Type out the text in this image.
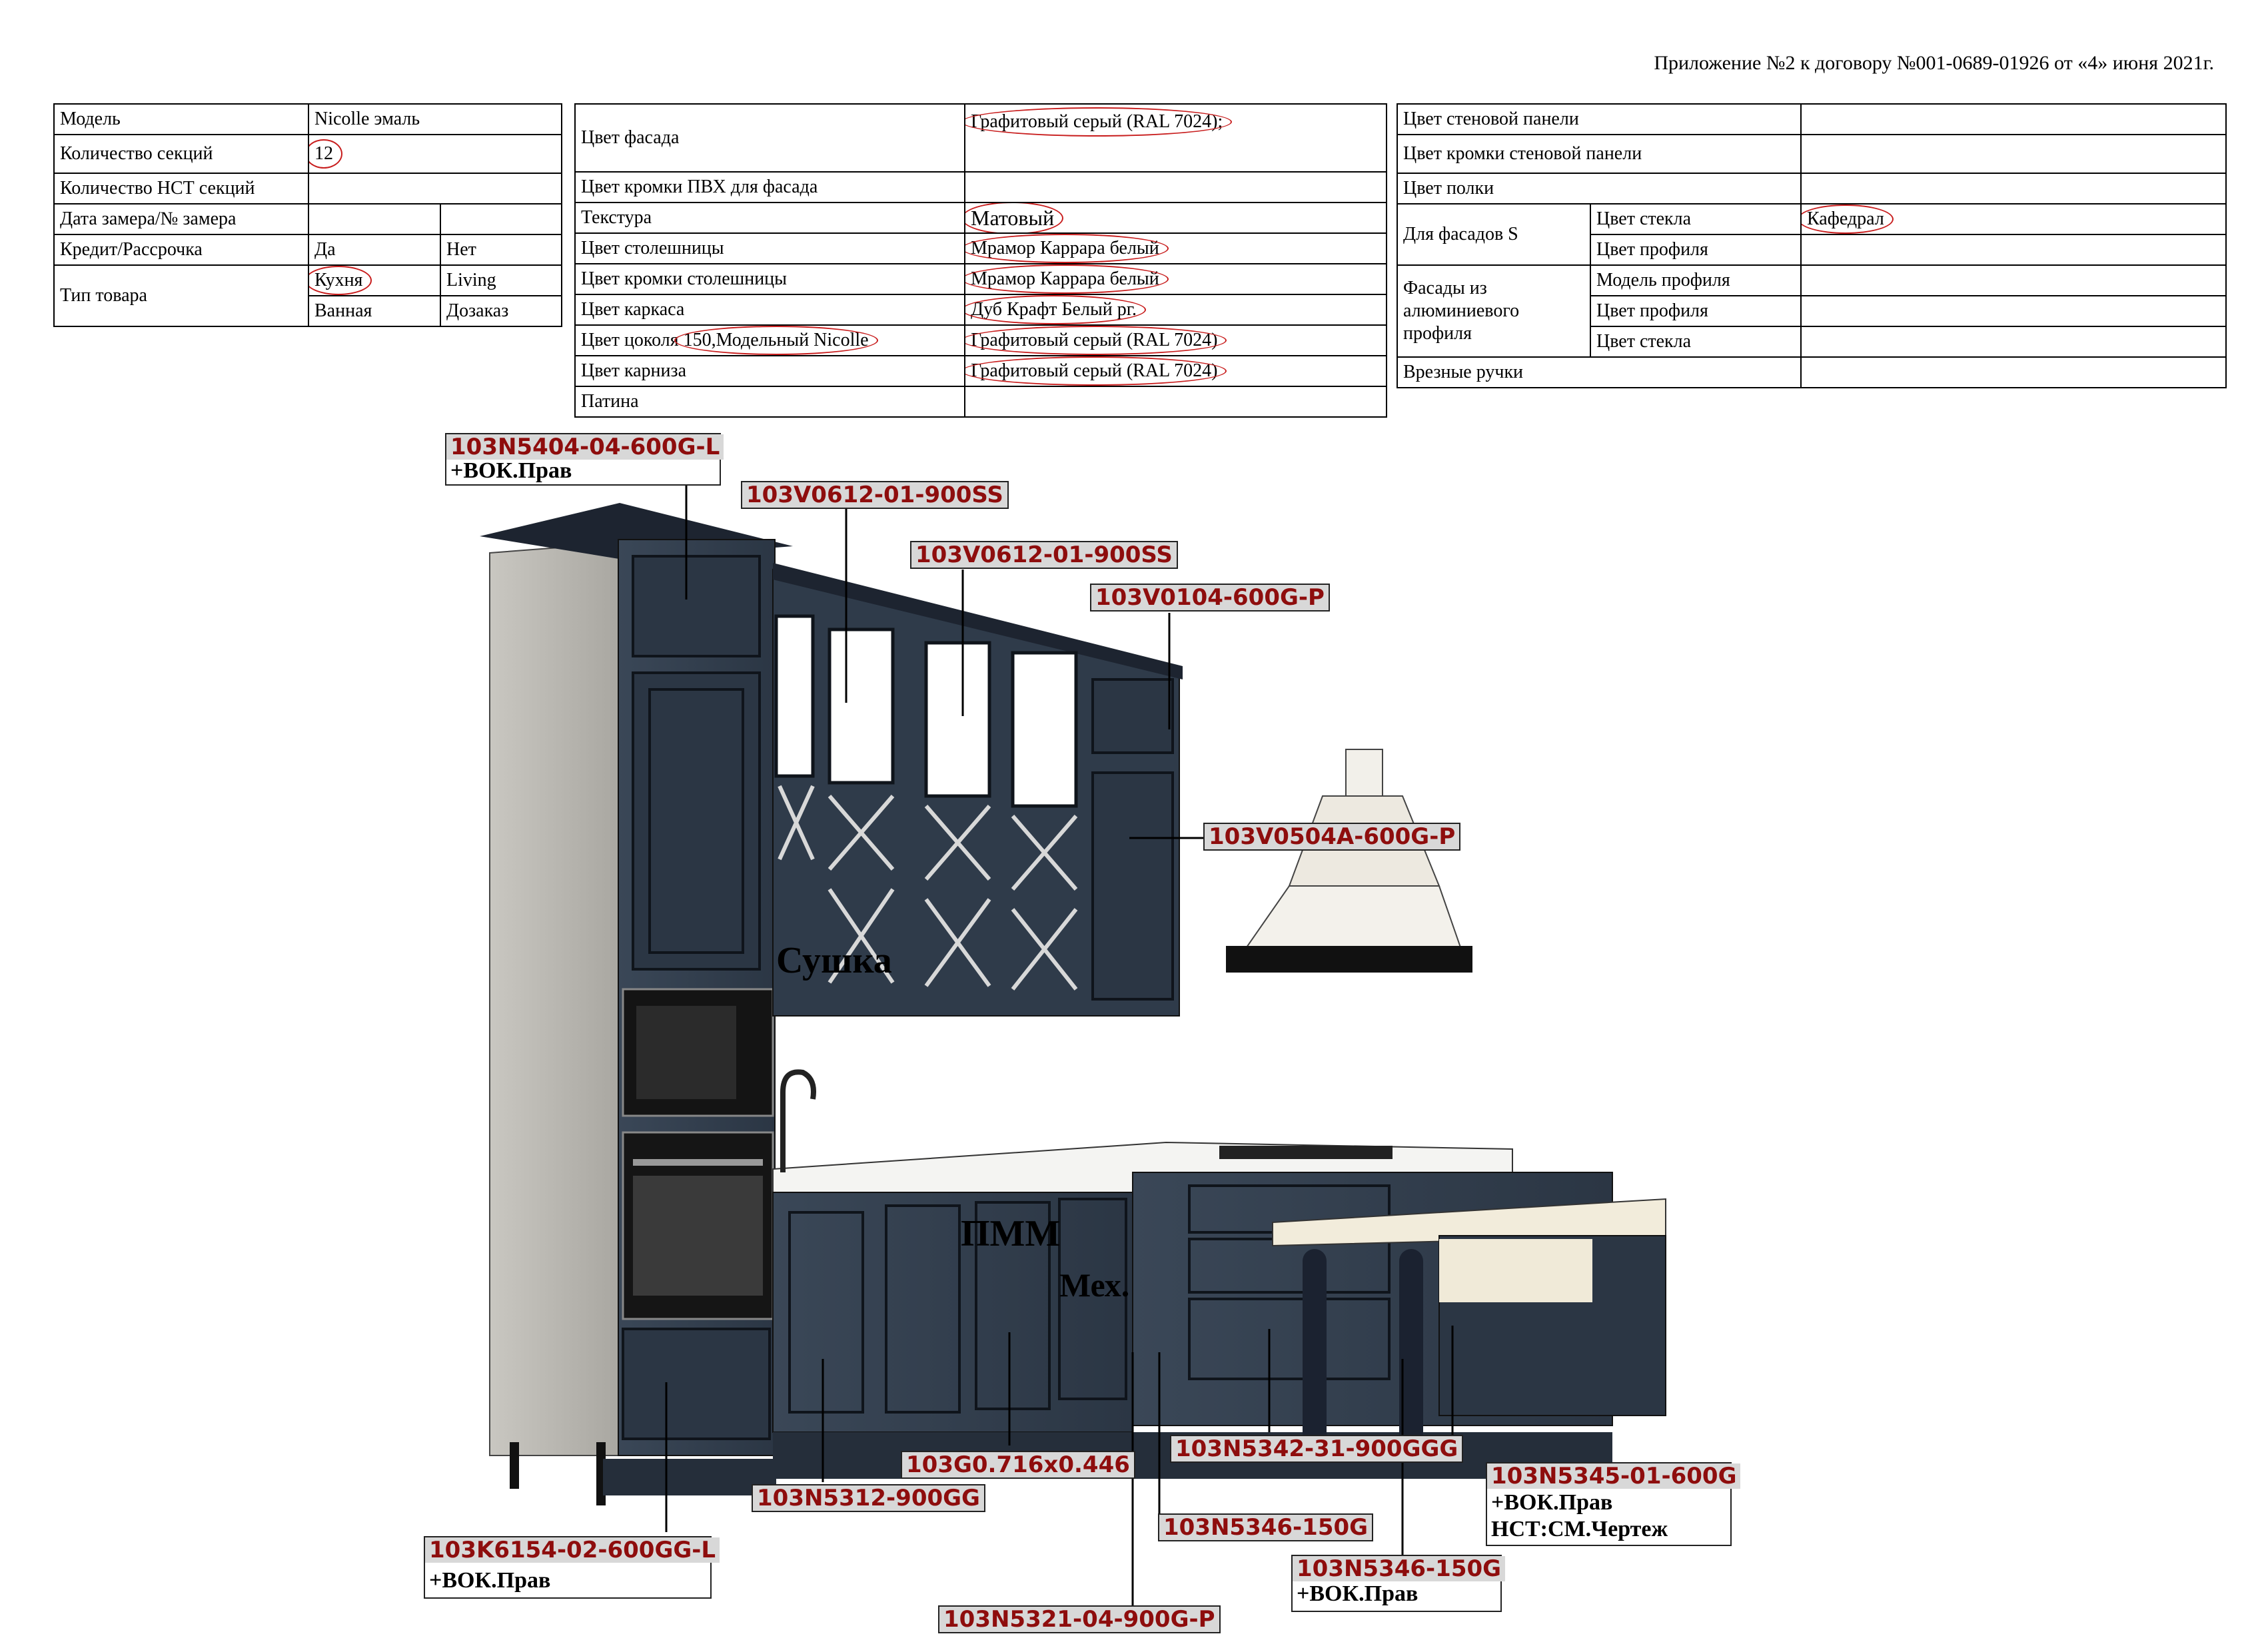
Приложение №2 к договору №001-0689-01926 от «4» июня 2021г.
Модель	Nicolle эмаль	
Количество секций	12	
Количество НСТ секций		
Дата замера/№ замера		
Кредит/Рассрочка	Да	Нет
Тип товара	Кухня	Living
	Ванная	Дозаказ
Цвет фасада	Графитовый серый (RAL 7024);
Цвет кромки ПВХ для фасада	
Текстура	Матовый
Цвет столешницы	Мрамор Каррара белый
Цвет кромки столешницы	Мрамор Каррара белый
Цвет каркаса	Дуб Крафт Белый рг.
Цвет цоколя 150,Модельный Nicolle	Графитовый серый (RAL 7024)
Цвет карниза	Графитовый серый (RAL 7024)
Патина	
Цвет стеновой панели		
Цвет кромки стеновой панели		
Цвет полки		
Для фасадов S	Цвет стекла	Кафедрал
	Цвет профиля	
Фасады из алюминиевого профиля	Модель профиля	
	Цвет профиля	
	Цвет стекла	
Врезные ручки		
103N5404-04-600G-L
+ВОК.Прав
103V0612-01-900SS
103V0612-01-900SS
103V0104-600G-P
103V0504A-600G-P
103G0.716x0.446
103N5312-900GG
103K6154-02-600GG-L
+ВОК.Прав
103N5342-31-900GGG
103N5345-01-600G
+ВОК.Прав
НСТ:СМ.Чертеж
103N5346-150G
103N5346-150G
+ВОК.Прав
103N5321-04-900G-P
Сушка
ПММ
Мех.
